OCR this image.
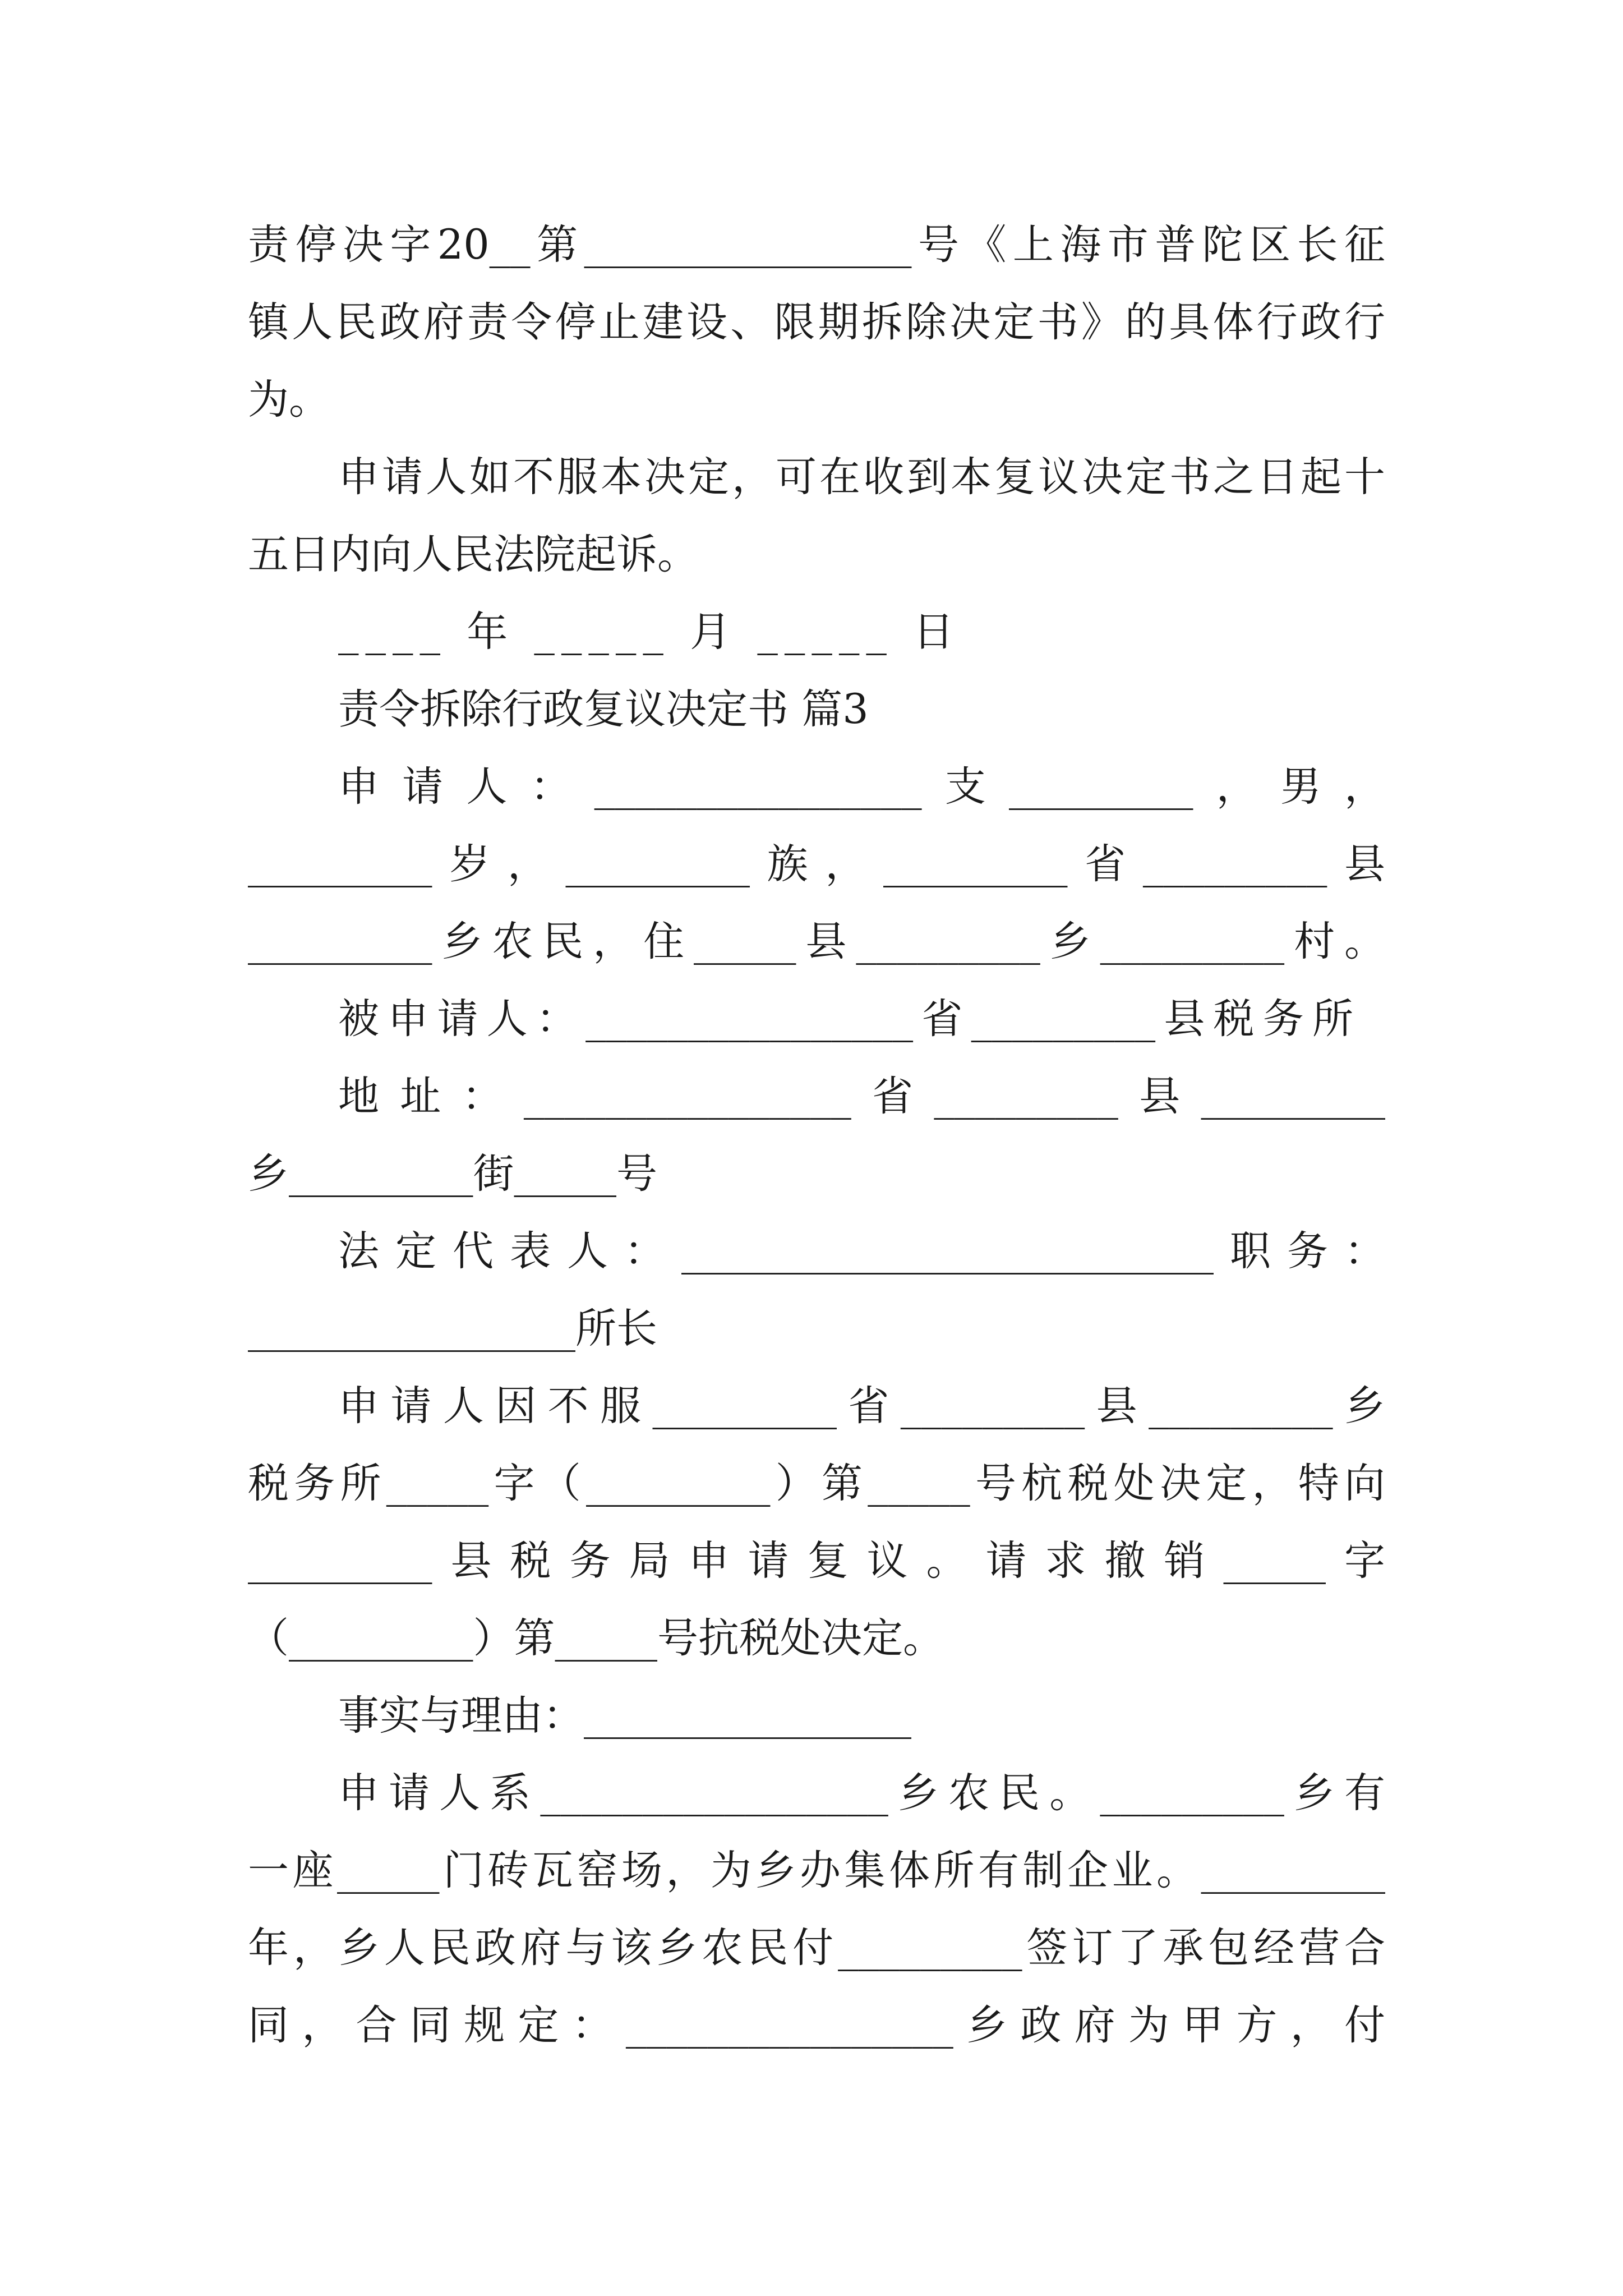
责停决字20__第________________号《上海市普陀区长征
镇人民政府责令停止建设、限期拆除决定书》的具体行政行
为。
申请人如不服本决定，可在收到本复议决定书之日起十
五日内向人民法院起诉。
____ 年 _____ 月 _____ 日
责令拆除行政复议决定书 篇3
申请人：________________支_________，男，
_________岁，_________族，_________省_________县
_________乡农民，住_____县_________乡_________村。
被申请人：________________省_________县税务所
地址：________________省_________县_________
乡_________街_____号
法定代表人：__________________________职务：
________________所长
申请人因不服_________省_________县_________乡
税务所_____字（_________）第_____号杭税处决定，特向
_________县税务局申请复议。请求撤销_____字
（_________）第_____号抗税处决定。
事实与理由：________________
申请人系_________________乡农民。_________乡有
一座_____门砖瓦窑场，为乡办集体所有制企业。_________
年，乡人民政府与该乡农民付_________签订了承包经营合
同，合同规定：________________乡政府为甲方，付
